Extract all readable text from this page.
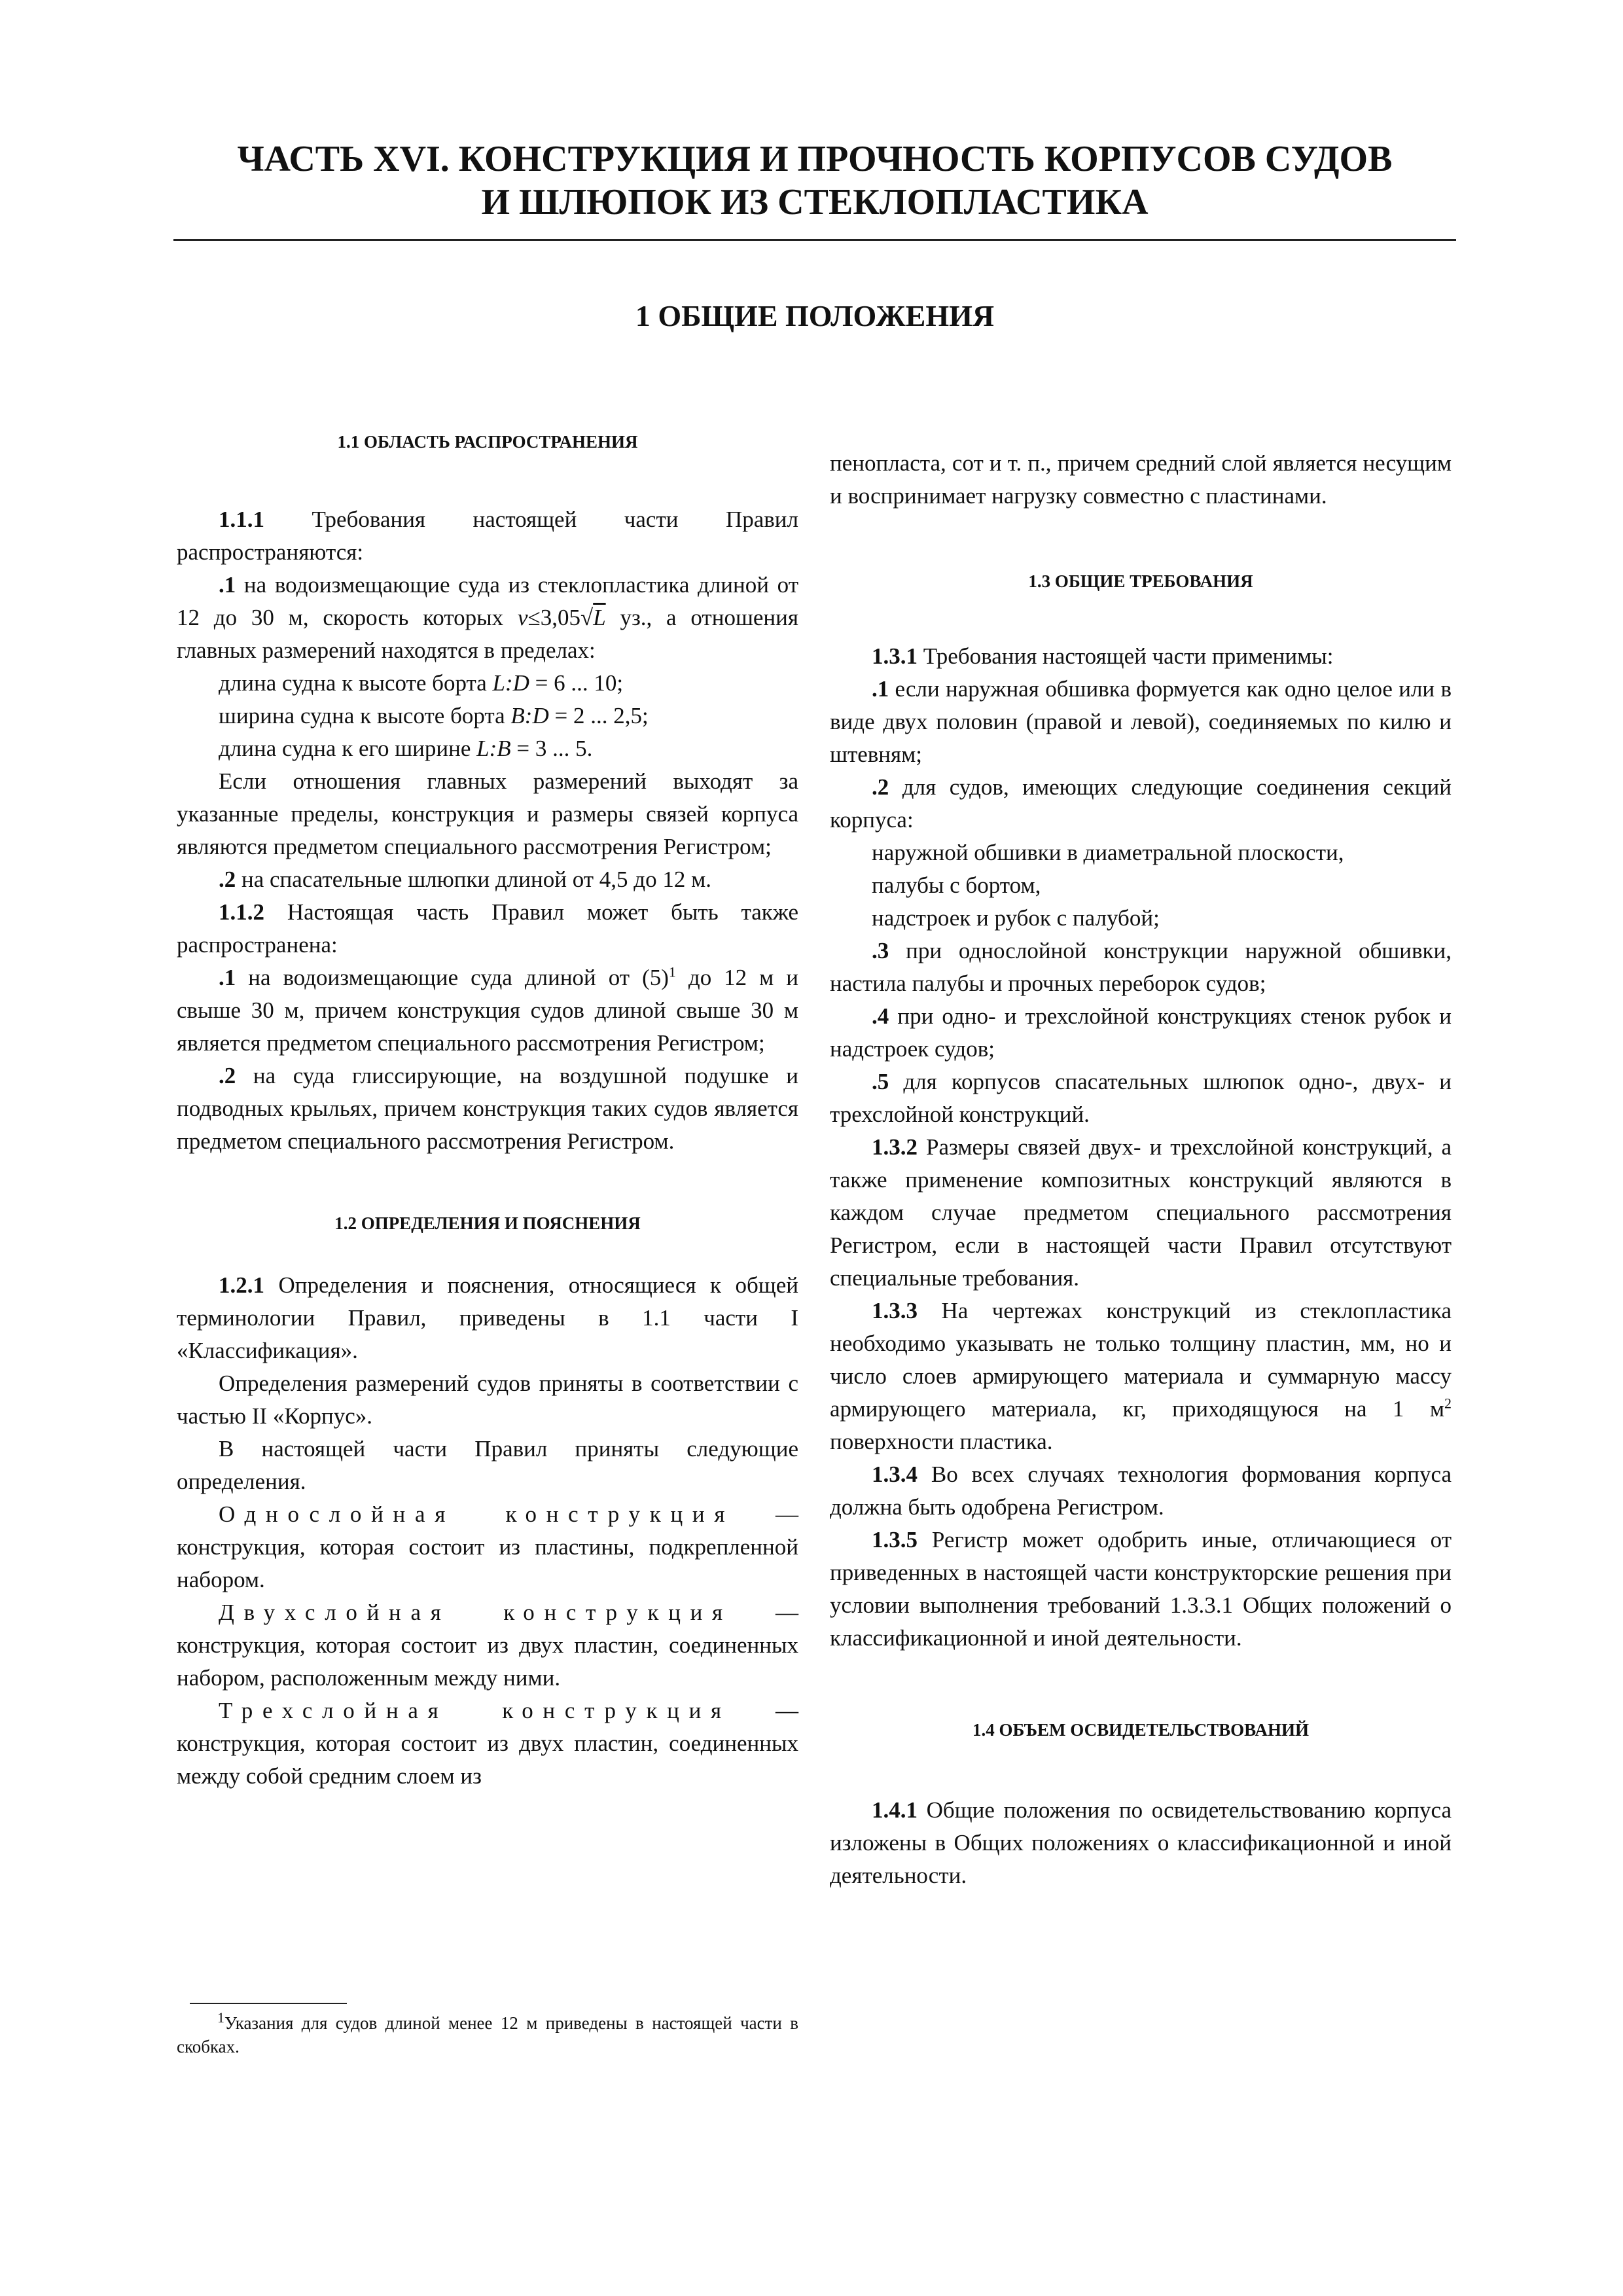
ЧАСТЬ XVI. КОНСТРУКЦИЯ И ПРОЧНОСТЬ КОРПУСОВ СУДОВ
И ШЛЮПОК ИЗ СТЕКЛОПЛАСТИКА
1 ОБЩИЕ ПОЛОЖЕНИЯ

1.1 ОБЛАСТЬ РАСПРОСТРАНЕНИЯ

1.1.1 Требования настоящей части Правил распространяются:

.1 на водоизмещающие суда из стеклопластика длиной от 12 до 30 м, скорость которых v≤3,05√L уз., а отношения главных размерений находятся в пределах:

длина судна к высоте борта L:D = 6 ... 10;

ширина судна к высоте борта B:D = 2 ... 2,5;

длина судна к его ширине L:B = 3 ... 5.

Если отношения главных размерений выходят за указанные пределы, конструкция и размеры связей корпуса являются предметом специального рассмотрения Регистром;

.2 на спасательные шлюпки длиной от 4,5 до 12 м.

1.1.2 Настоящая часть Правил может быть также распространена:

.1 на водоизмещающие суда длиной от $(5)^1$ до 12 м и свыше 30 м, причем конструкция судов длиной свыше 30 м является предметом специального рассмотрения Регистром;

.2 на суда глиссирующие, на воздушной подушке и подводных крыльях, причем конструкция таких судов является предметом специального рассмотрения Регистром.

1.2 ОПРЕДЕЛЕНИЯ И ПОЯСНЕНИЯ

1.2.1 Определения и пояснения, относящиеся к общей терминологии Правил, приведены в 1.1 части I «Классификация».

Определения размерений судов приняты в соответствии с частью II «Корпус».

В настоящей части Правил приняты следующие определения.

Однослойная конструкция — конструкция, которая состоит из пластины, подкрепленной набором.

Двухслойная конструкция — конструкция, которая состоит из двух пластин, соединенных набором, расположенным между ними.

Трехслойная конструкция — конструкция, которая состоит из двух пластин, соединенных между собой средним слоем из

$^1$Указания для судов длиной менее 12 м приведены в настоящей части в скобках.

пенопласта, сот и т. п., причем средний слой является несущим и воспринимает нагрузку совместно с пластинами.

1.3 ОБЩИЕ ТРЕБОВАНИЯ

1.3.1 Требования настоящей части применимы:

.1 если наружная обшивка формуется как одно целое или в виде двух половин (правой и левой), соединяемых по килю и штевням;

.2 для судов, имеющих следующие соединения секций корпуса:

наружной обшивки в диаметральной плоскости,

палубы с бортом,

надстроек и рубок с палубой;

.3 при однослойной конструкции наружной обшивки, настила палубы и прочных переборок судов;

.4 при одно- и трехслойной конструкциях стенок рубок и надстроек судов;

.5 для корпусов спасательных шлюпок одно-, двух- и трехслойной конструкций.

1.3.2 Размеры связей двух- и трехслойной конструкций, а также применение композитных конструкций являются в каждом случае предметом специального рассмотрения Регистром, если в настоящей части Правил отсутствуют специальные требования.

1.3.3 На чертежах конструкций из стеклопластика необходимо указывать не только толщину пластин, мм, но и число слоев армирующего материала и суммарную массу армирующего материала, кг, приходящуюся на 1 $м^2$ поверхности пластика.

1.3.4 Во всех случаях технология формования корпуса должна быть одобрена Регистром.

1.3.5 Регистр может одобрить иные, отличающиеся от приведенных в настоящей части конструкторские решения при условии выполнения требований 1.3.3.1 Общих положений о классификационной и иной деятельности.

1.4 ОБЪЕМ ОСВИДЕТЕЛЬСТВОВАНИЙ

1.4.1 Общие положения по освидетельствованию корпуса изложены в Общих положениях о классификационной и иной деятельности.
